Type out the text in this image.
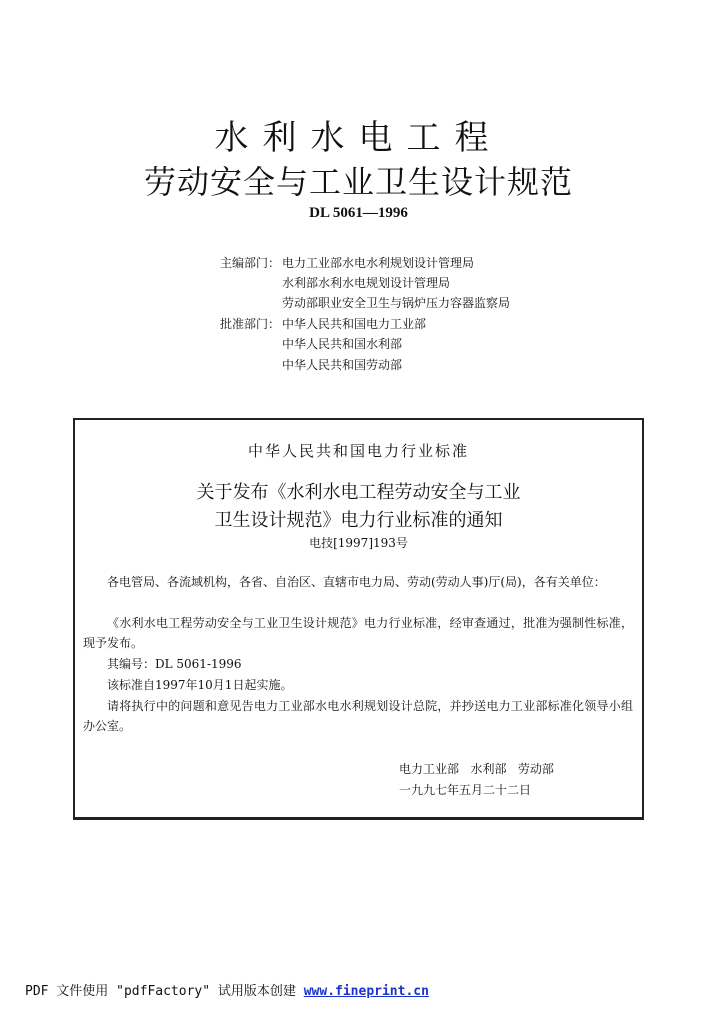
水利水电工程
劳动安全与工业卫生设计规范
DL 5061—1996
主编部门： 电力工业部水电水利规划设计管理局
水利部水利水电规划设计管理局
劳动部职业安全卫生与锅炉压力容器监察局
批准部门： 中华人民共和国电力工业部
中华人民共和国水利部
中华人民共和国劳动部
中华人民共和国电力行业标准
关于发布《水利水电工程劳动安全与工业
卫生设计规范》电力行业标准的通知
电技[1997]193号
各电管局、各流域机构，各省、自治区、直辖市电力局、劳动(劳动人事)厅(局)，各有关单位：
《水利水电工程劳动安全与工业卫生设计规范》电力行业标准，经审查通过，批准为强制性标准，现予发布。
其编号：DL 5061-1996
该标准自1997年10月1日起实施。
请将执行中的问题和意见告电力工业部水电水利规划设计总院，并抄送电力工业部标准化领导小组办公室。
电力工业部   水利部   劳动部
一九九七年五月二十二日
PDF 文件使用 "pdfFactory" 试用版本创建 www.fineprint.cn
